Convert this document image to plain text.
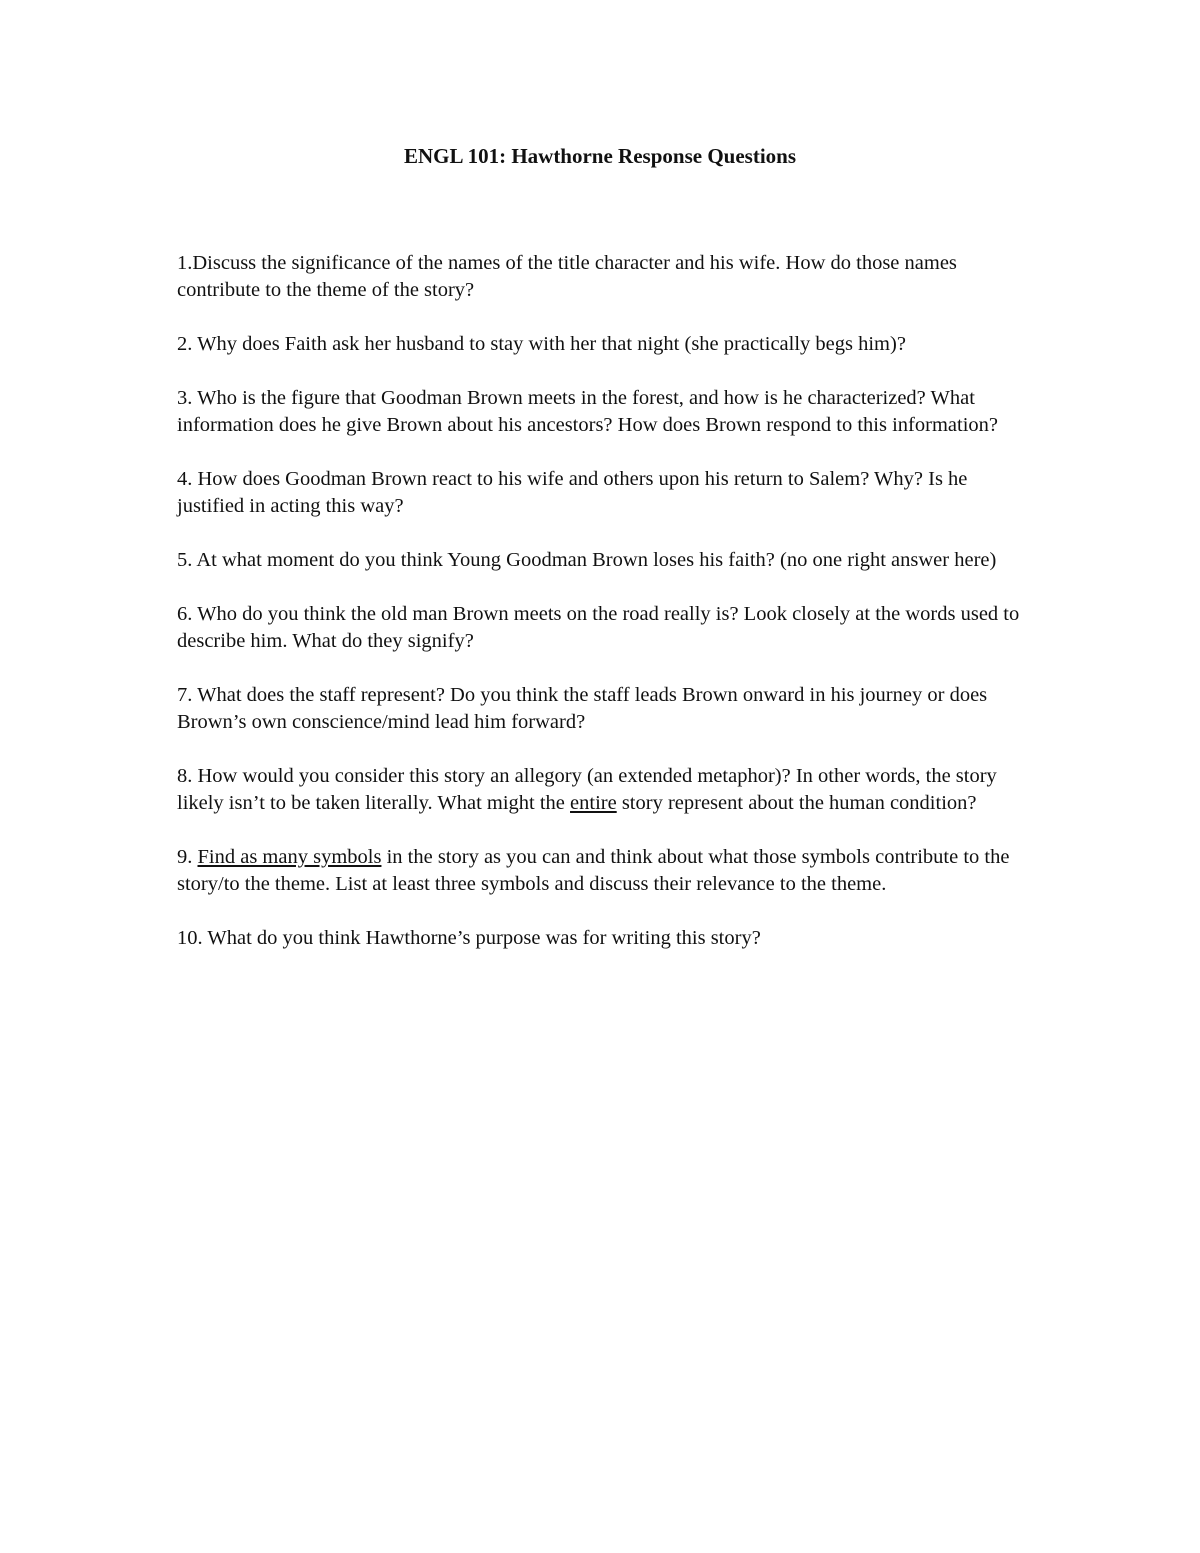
ENGL 101: Hawthorne Response Questions

1.Discuss the significance of the names of the title character and his wife. How do those names contribute to the theme of the story?

2. Why does Faith ask her husband to stay with her that night (she practically begs him)?

3. Who is the figure that Goodman Brown meets in the forest, and how is he characterized? What information does he give Brown about his ancestors? How does Brown respond to this information?

4. How does Goodman Brown react to his wife and others upon his return to Salem? Why? Is he justified in acting this way?

5. At what moment do you think Young Goodman Brown loses his faith? (no one right answer here)

6. Who do you think the old man Brown meets on the road really is? Look closely at the words used to describe him. What do they signify?

7. What does the staff represent? Do you think the staff leads Brown onward in his journey or does Brown’s own conscience/mind lead him forward?

8. How would you consider this story an allegory (an extended metaphor)? In other words, the story likely isn’t to be taken literally. What might the entire story represent about the human condition?

9. Find as many symbols in the story as you can and think about what those symbols contribute to the story/to the theme. List at least three symbols and discuss their relevance to the theme.

10. What do you think Hawthorne’s purpose was for writing this story?
